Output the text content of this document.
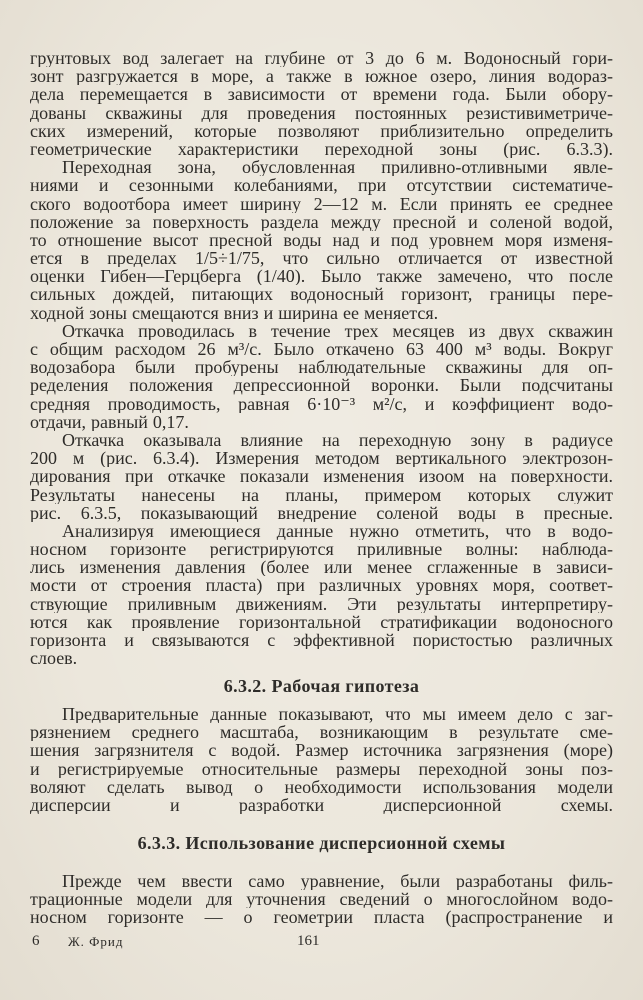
грунтовых вод залегает на глубине от 3 до 6 м. Водоносный гори-
зонт разгружается в море, а также в южное озеро, линия водораз-
дела перемещается в зависимости от времени года. Были обору-
дованы скважины для проведения постоянных резистивиметриче-
ских измерений, которые позволяют приблизительно определить
геометрические характеристики переходной зоны (рис. 6.3.3).
Переходная зона, обусловленная приливно-отливными явле-
ниями и сезонными колебаниями, при отсутствии систематиче-
ского водоотбора имеет ширину 2—12 м. Если принять ее среднее
положение за поверхность раздела между пресной и соленой водой,
то отношение высот пресной воды над и под уровнем моря изменя-
ется в пределах 1/5÷1/75, что сильно отличается от известной
оценки Гибен—Герцберга (1/40). Было также замечено, что после
сильных дождей, питающих водоносный горизонт, границы пере-
ходной зоны смещаются вниз и ширина ее меняется.
Откачка проводилась в течение трех месяцев из двух скважин
с общим расходом 26 м³/с. Было откачено 63 400 м³ воды. Вокруг
водозабора были пробурены наблюдательные скважины для оп-
ределения положения депрессионной воронки. Были подсчитаны
средняя проводимость, равная 6·10⁻³ м²/с, и коэффициент водо-
отдачи, равный 0,17.
Откачка оказывала влияние на переходную зону в радиусе
200 м (рис. 6.3.4). Измерения методом вертикального электрозон-
дирования при откачке показали изменения изоом на поверхности.
Результаты нанесены на планы, примером которых служит
рис. 6.3.5, показывающий внедрение соленой воды в пресные.
Анализируя имеющиеся данные нужно отметить, что в водо-
носном горизонте регистрируются приливные волны: наблюда-
лись изменения давления (более или менее сглаженные в зависи-
мости от строения пласта) при различных уровнях моря, соответ-
ствующие приливным движениям. Эти результаты интерпретиру-
ются как проявление горизонтальной стратификации водоносного
горизонта и связываются с эффективной пористостью различных
слоев.
6.3.2. Рабочая гипотеза
Предварительные данные показывают, что мы имеем дело с заг-
рязнением среднего масштаба, возникающим в результате сме-
шения загрязнителя с водой. Размер источника загрязнения (море)
и регистрируемые относительные размеры переходной зоны поз-
воляют сделать вывод о необходимости использования модели
дисперсии и разработки дисперсионной схемы.
6.3.3. Использование дисперсионной схемы
Прежде чем ввести само уравнение, были разработаны филь-
трационные модели для уточнения сведений о многослойном водо-
носном горизонте — о геометрии пласта (распространение и
6 Ж. Фрид	161
